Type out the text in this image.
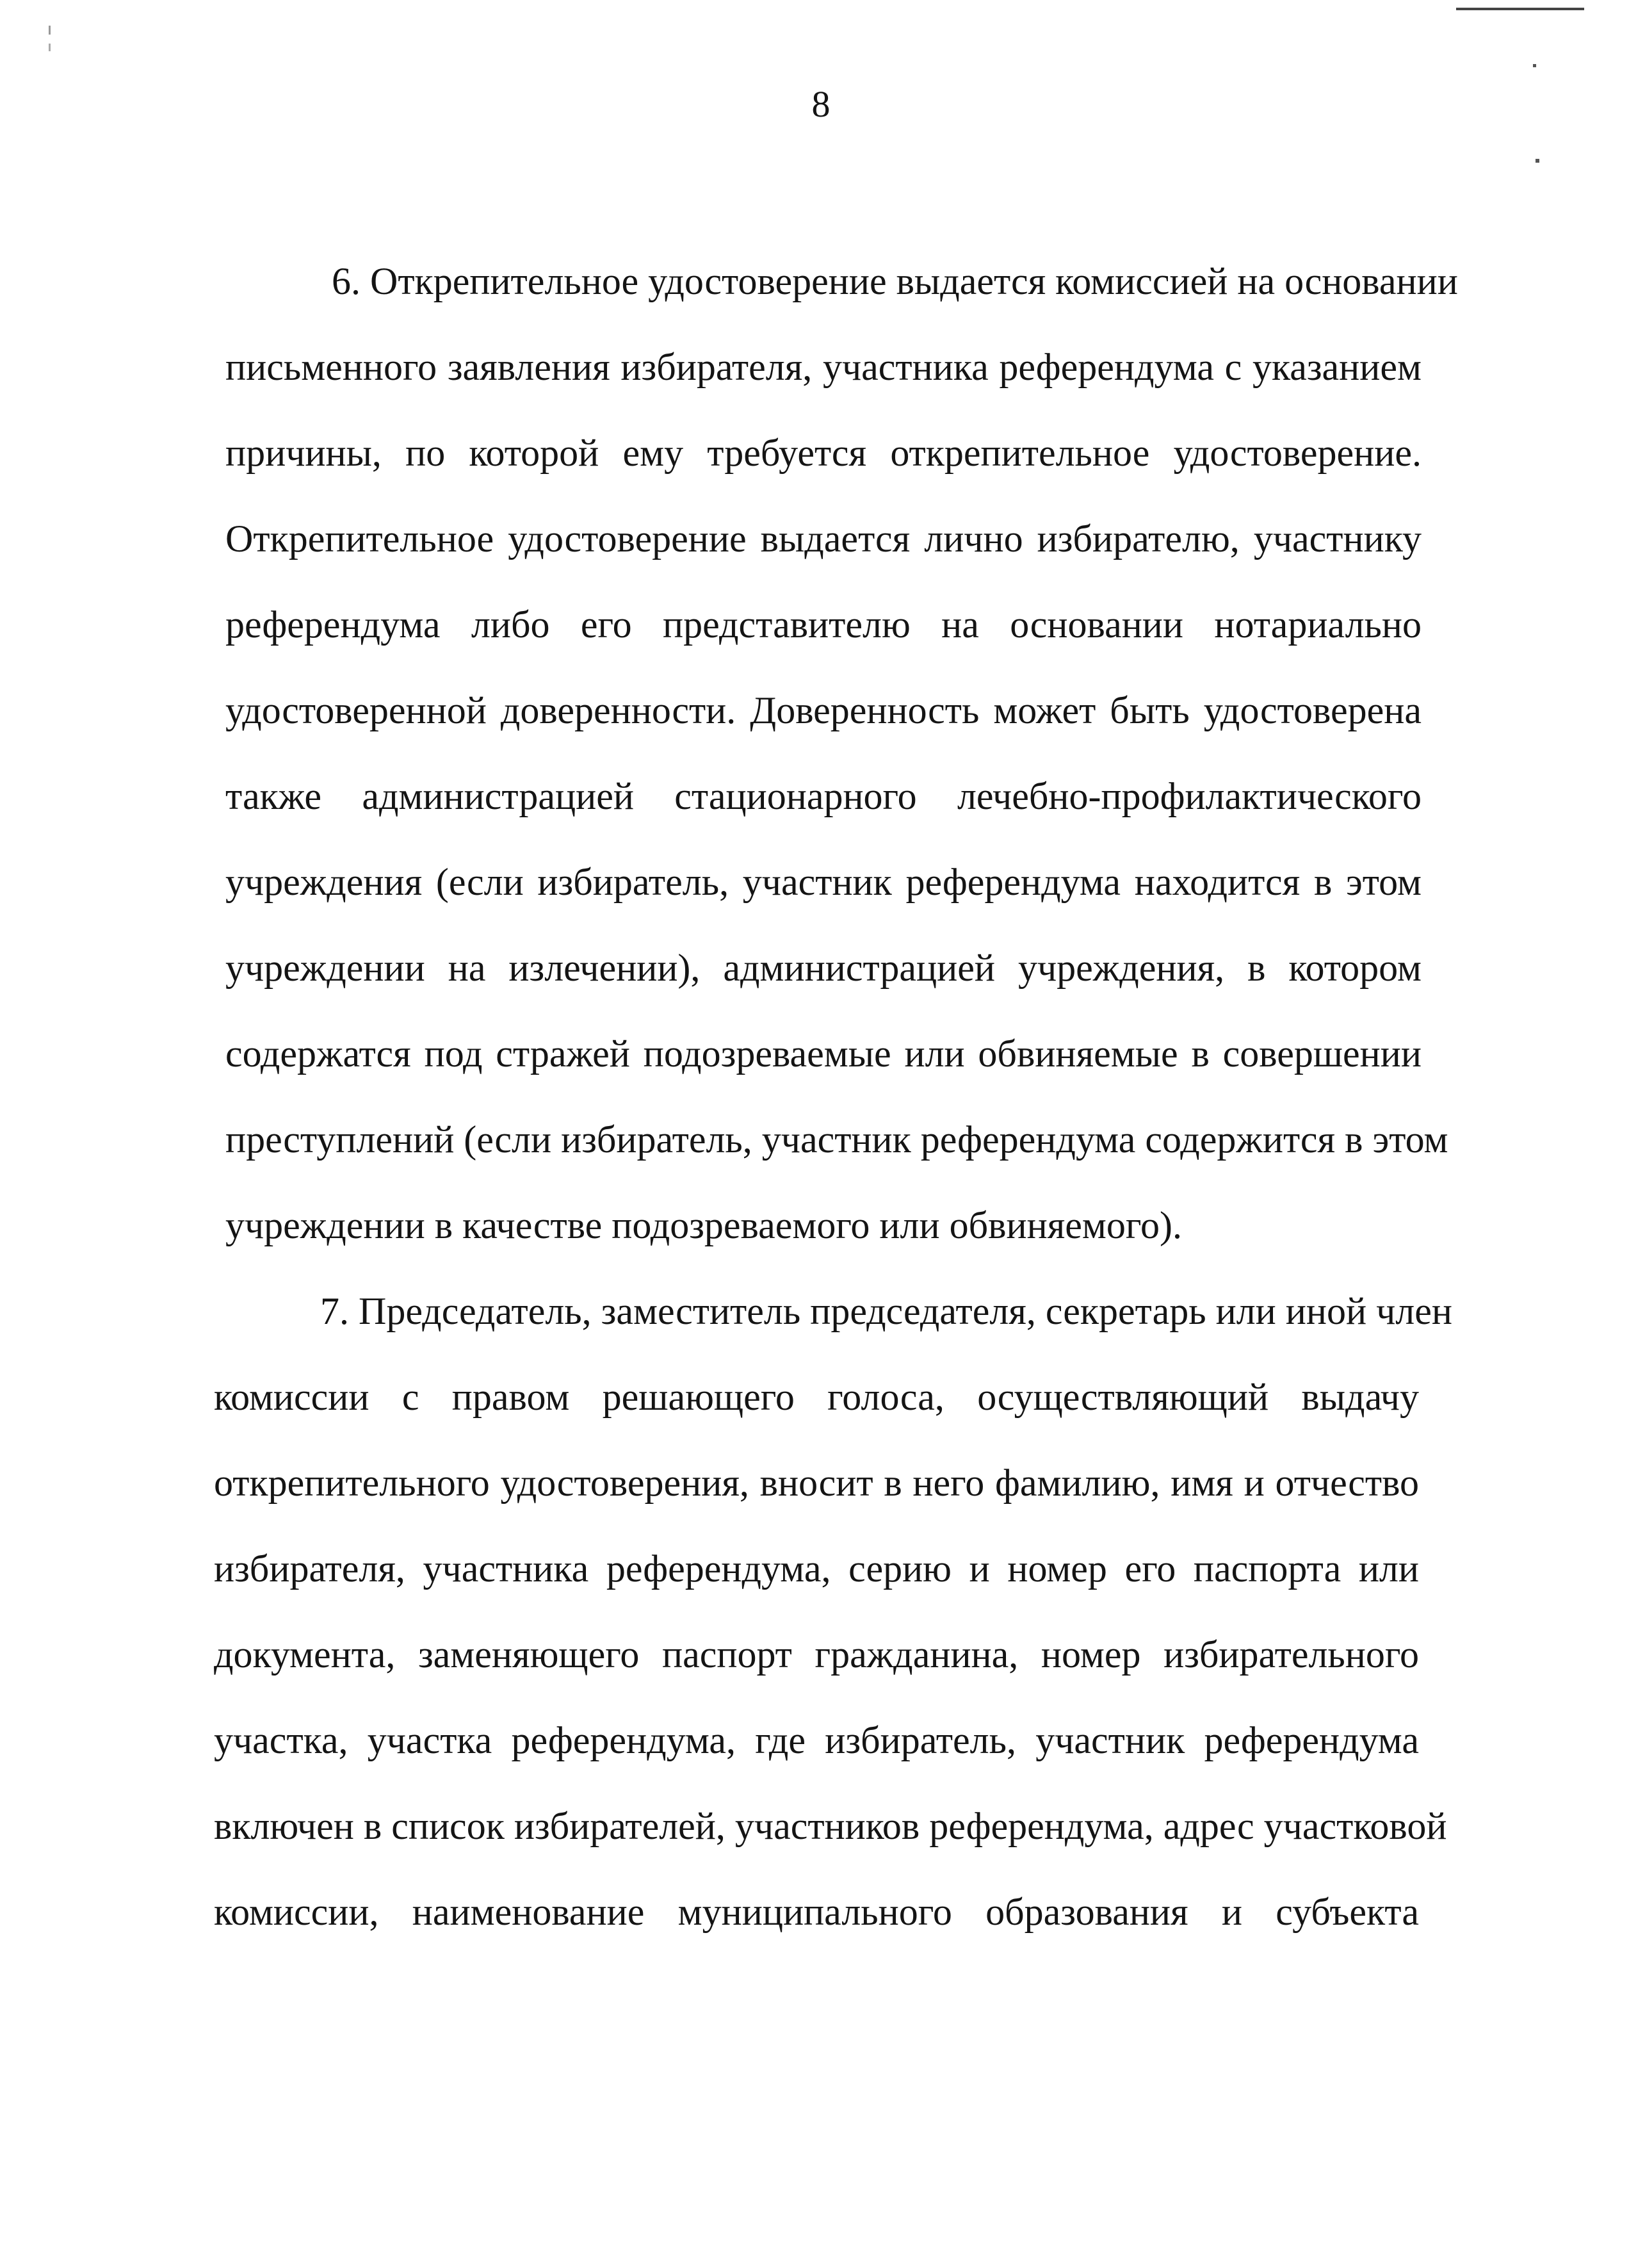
8
6. Открепительное удостоверение выдается комиссией на основании
письменного заявления избирателя, участника референдума с указанием
причины, по которой ему требуется открепительное удостоверение.
Открепительное удостоверение выдается лично избирателю, участнику
референдума либо его представителю на основании нотариально
удостоверенной доверенности. Доверенность может быть удостоверена
также администрацией стационарного лечебно-профилактического
учреждения (если избиратель, участник референдума находится в этом
учреждении на излечении), администрацией учреждения, в котором
содержатся под стражей подозреваемые или обвиняемые в совершении
преступлений (если избиратель, участник референдума содержится в этом
учреждении в качестве подозреваемого или обвиняемого).
7. Председатель, заместитель председателя, секретарь или иной член
комиссии с правом решающего голоса, осуществляющий выдачу
открепительного удостоверения, вносит в него фамилию, имя и отчество
избирателя, участника референдума, серию и номер его паспорта или
документа, заменяющего паспорт гражданина, номер избирательного
участка, участка референдума, где избиратель, участник референдума
включен в список избирателей, участников референдума, адрес участковой
комиссии, наименование муниципального образования и субъекта
